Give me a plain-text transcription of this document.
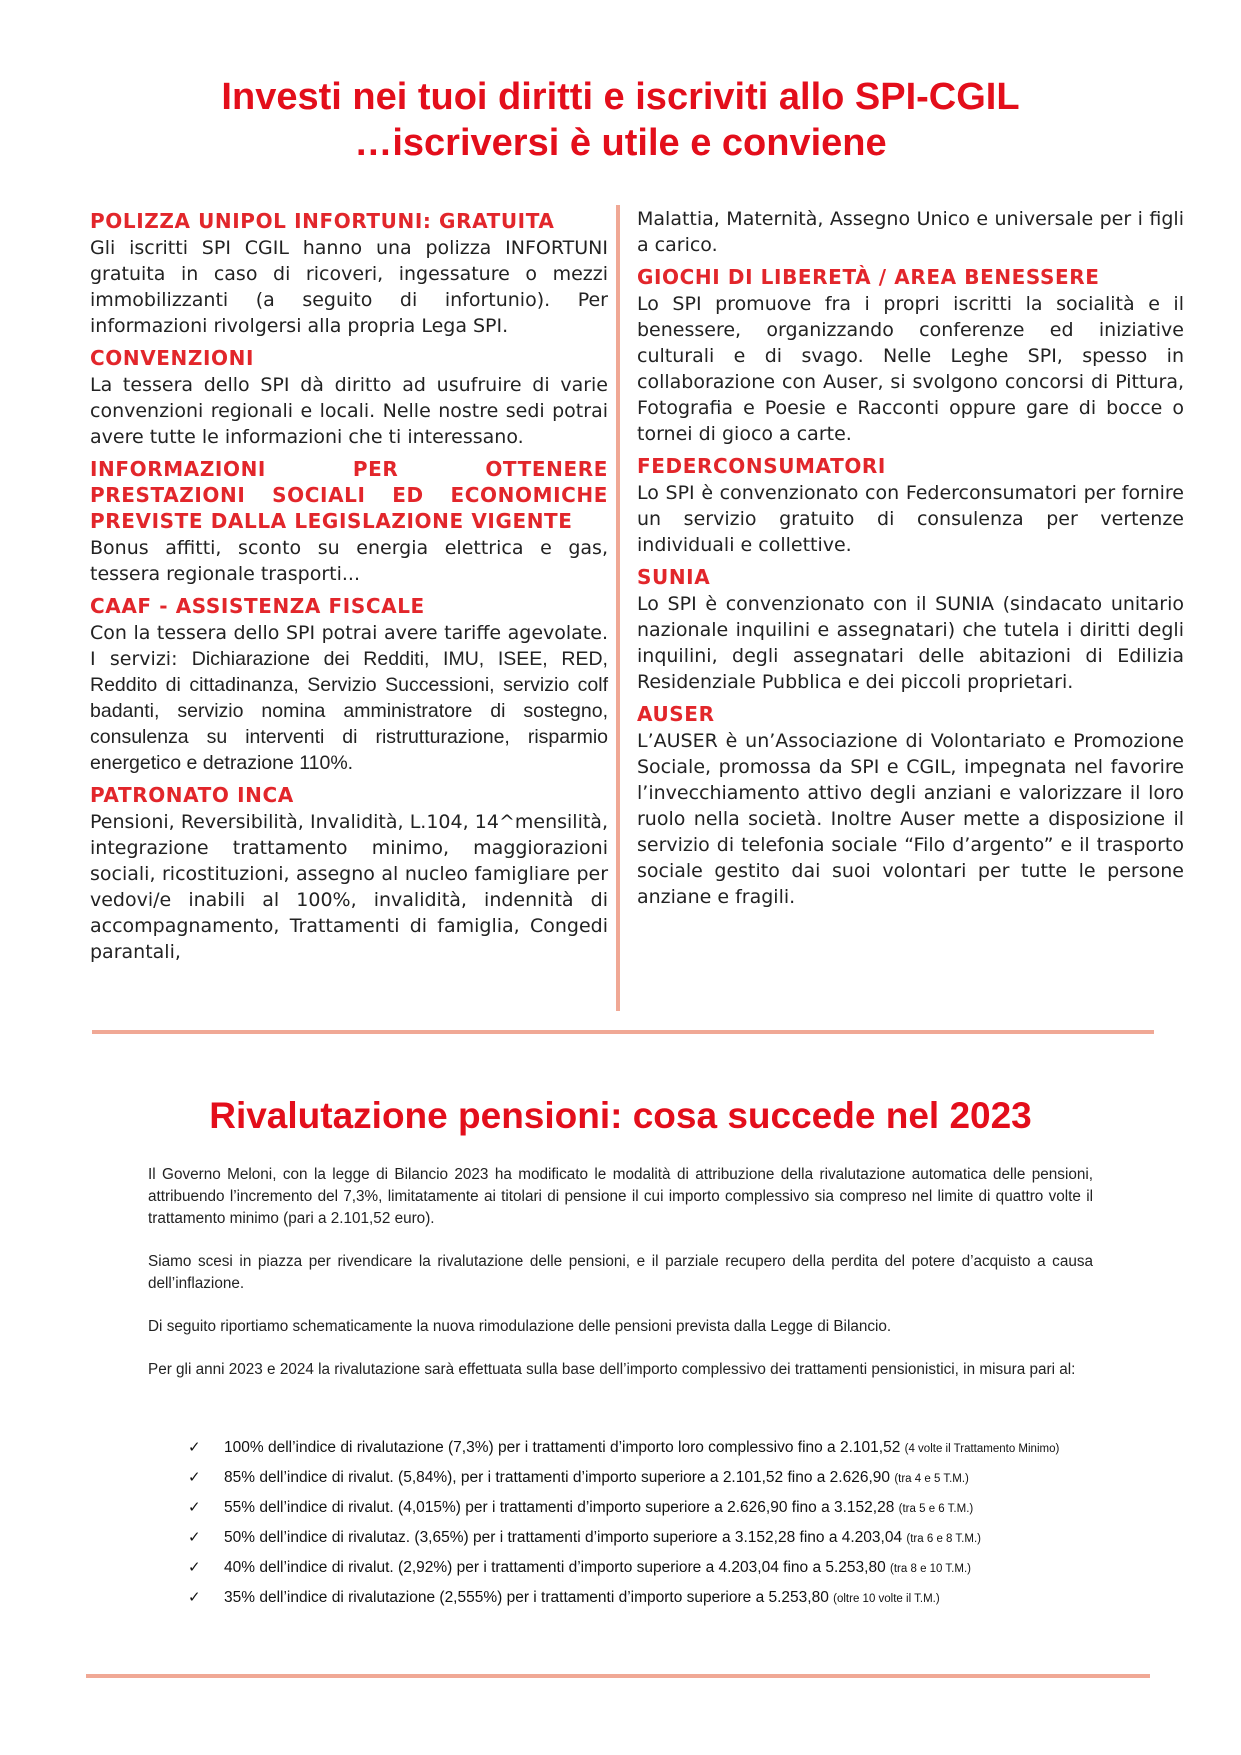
Investi nei tuoi diritti e iscriviti allo SPI-CGIL
…iscriversi è utile e conviene
POLIZZA UNIPOL INFORTUNI: GRATUITA

Gli iscritti SPI CGIL hanno una polizza INFORTUNI gratuita in caso di ricoveri, ingessature o mezzi immobilizzanti (a seguito di infortunio). Per informazioni rivolgersi alla propria Lega SPI.

CONVENZIONI

La tessera dello SPI dà diritto ad usufruire di varie convenzioni regionali e locali. Nelle nostre sedi potrai avere tutte le informazioni che ti interessano.

INFORMAZIONI PER OTTENERE PRESTAZIONI SOCIALI ED ECONOMICHE PREVISTE DALLA LEGISLAZIONE VIGENTE

Bonus affitti, sconto su energia elettrica e gas, tessera regionale trasporti...

CAAF - ASSISTENZA FISCALE

Con la tessera dello SPI potrai avere tariffe agevolate. I servizi: Dichiarazione dei Redditi, IMU, ISEE, RED, Reddito di cittadinanza, Servizio Successioni, servizio colf badanti, servizio nomina amministratore di sostegno, consulenza su interventi di ristrutturazione, risparmio energetico e detrazione 110%.

PATRONATO INCA

Pensioni, Reversibilità, Invalidità, L.104, 14^mensilità, integrazione trattamento minimo, maggiorazioni sociali, ricostituzioni, assegno al nucleo famigliare per vedovi/e inabili al 100%, invalidità, indennità di accompagnamento, Trattamenti di famiglia, Congedi parantali,

Malattia, Maternità, Assegno Unico e universale per i figli a carico.

GIOCHI DI LIBERETÀ / AREA BENESSERE

Lo SPI promuove fra i propri iscritti la socialità e il benessere, organizzando conferenze ed iniziative culturali e di svago. Nelle Leghe SPI, spesso in collaborazione con Auser, si svolgono concorsi di Pittura, Fotografia e Poesie e Racconti oppure gare di bocce o tornei di gioco a carte.

FEDERCONSUMATORI

Lo SPI è convenzionato con Federconsumatori per fornire un servizio gratuito di consulenza per vertenze individuali e collettive.

SUNIA

Lo SPI è convenzionato con il SUNIA (sindacato unitario nazionale inquilini e assegnatari) che tutela i diritti degli inquilini, degli assegnatari delle abitazioni di Edilizia Residenziale Pubblica e dei piccoli proprietari.

AUSER

L’AUSER è un’Associazione di Volontariato e Promozione Sociale, promossa da SPI e CGIL, impegnata nel favorire l’invecchiamento attivo degli anziani e valorizzare il loro ruolo nella società. Inoltre Auser mette a disposizione il servizio di telefonia sociale “Filo d’argento” e il trasporto sociale gestito dai suoi volontari per tutte le persone anziane e fragili.

Rivalutazione pensioni: cosa succede nel 2023

Il Governo Meloni, con la legge di Bilancio 2023 ha modificato le modalità di attribuzione della rivalutazione automatica delle pensioni, attribuendo l’incremento del 7,3%, limitatamente ai titolari di pensione il cui importo complessivo sia compreso nel limite di quattro volte il trattamento minimo (pari a 2.101,52 euro).

Siamo scesi in piazza per rivendicare la rivalutazione delle pensioni, e il parziale recupero della perdita del potere d’acquisto a causa dell’inflazione.

Di seguito riportiamo schematicamente la nuova rimodulazione delle pensioni prevista dalla Legge di Bilancio.

Per gli anni 2023 e 2024 la rivalutazione sarà effettuata sulla base dell’importo complessivo dei trattamenti pensionistici, in misura pari al:

✓ 100% dell’indice di rivalutazione (7,3%) per i trattamenti d’importo loro complessivo fino a 2.101,52 (4 volte il Trattamento Minimo)
✓ 85% dell’indice di rivalut. (5,84%), per i trattamenti d’importo superiore a 2.101,52 fino a 2.626,90 (tra 4 e 5 T.M.)
✓ 55% dell’indice di rivalut. (4,015%) per i trattamenti d’importo superiore a 2.626,90 fino a 3.152,28 (tra 5 e 6 T.M.)
✓ 50% dell’indice di rivalutaz. (3,65%) per i trattamenti d’importo superiore a 3.152,28 fino a 4.203,04 (tra 6 e 8 T.M.)
✓ 40% dell’indice di rivalut. (2,92%) per i trattamenti d’importo superiore a 4.203,04 fino a 5.253,80 (tra 8 e 10 T.M.)
✓ 35% dell’indice di rivalutazione (2,555%) per i trattamenti d’importo superiore a 5.253,80 (oltre 10 volte il T.M.)
